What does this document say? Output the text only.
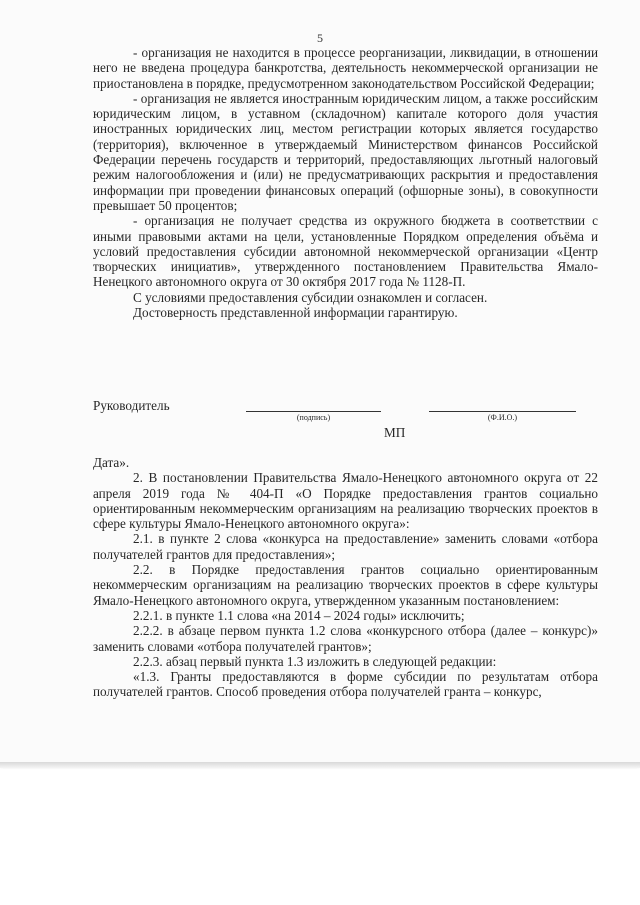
5

- организация не находится в процессе реорганизации, ликвидации, в отношении него не введена процедура банкротства, деятельность некоммерческой организации не приостановлена в порядке, предусмотренном законодательством Российской Федерации;

- организация не является иностранным юридическим лицом, а также российским юридическим лицом, в уставном (складочном) капитале которого доля участия иностранных юридических лиц, местом регистрации которых является государство (территория), включенное в утверждаемый Министерством финансов Российской Федерации перечень государств и территорий, предоставляющих льготный налоговый режим налогообложения и (или) не предусматривающих раскрытия и предоставления информации при проведении финансовых операций (офшорные зоны), в совокупности превышает 50 процентов;

- организация не получает средства из окружного бюджета в соответствии с иными правовыми актами на цели, установленные Порядком определения объёма и условий предоставления субсидии автономной некоммерческой организации «Центр творческих инициатив», утвержденного постановлением Правительства Ямало-Ненецкого автономного округа от 30 октября 2017 года № 1128-П.

С условиями предоставления субсидии ознакомлен и согласен.

Достоверность представленной информации гарантирую.

Руководитель
(подпись)	(Ф.И.О.)
МП

Дата».

2. В постановлении Правительства Ямало-Ненецкого автономного округа от 22 апреля 2019 года № 404-П «О Порядке предоставления грантов социально ориентированным некоммерческим организациям на реализацию творческих проектов в сфере культуры Ямало-Ненецкого автономного округа»:

2.1. в пункте 2 слова «конкурса на предоставление» заменить словами «отбора получателей грантов для предоставления»;

2.2. в Порядке предоставления грантов социально ориентированным некоммерческим организациям на реализацию творческих проектов в сфере культуры Ямало-Ненецкого автономного округа, утвержденном указанным постановлением:

2.2.1. в пункте 1.1 слова «на 2014 – 2024 годы» исключить;

2.2.2. в абзаце первом пункта 1.2 слова «конкурсного отбора (далее – конкурс)» заменить словами «отбора получателей грантов»;

2.2.3. абзац первый пункта 1.3 изложить в следующей редакции:

«1.3. Гранты предоставляются в форме субсидии по результатам отбора получателей грантов. Способ проведения отбора получателей гранта – конкурс,
